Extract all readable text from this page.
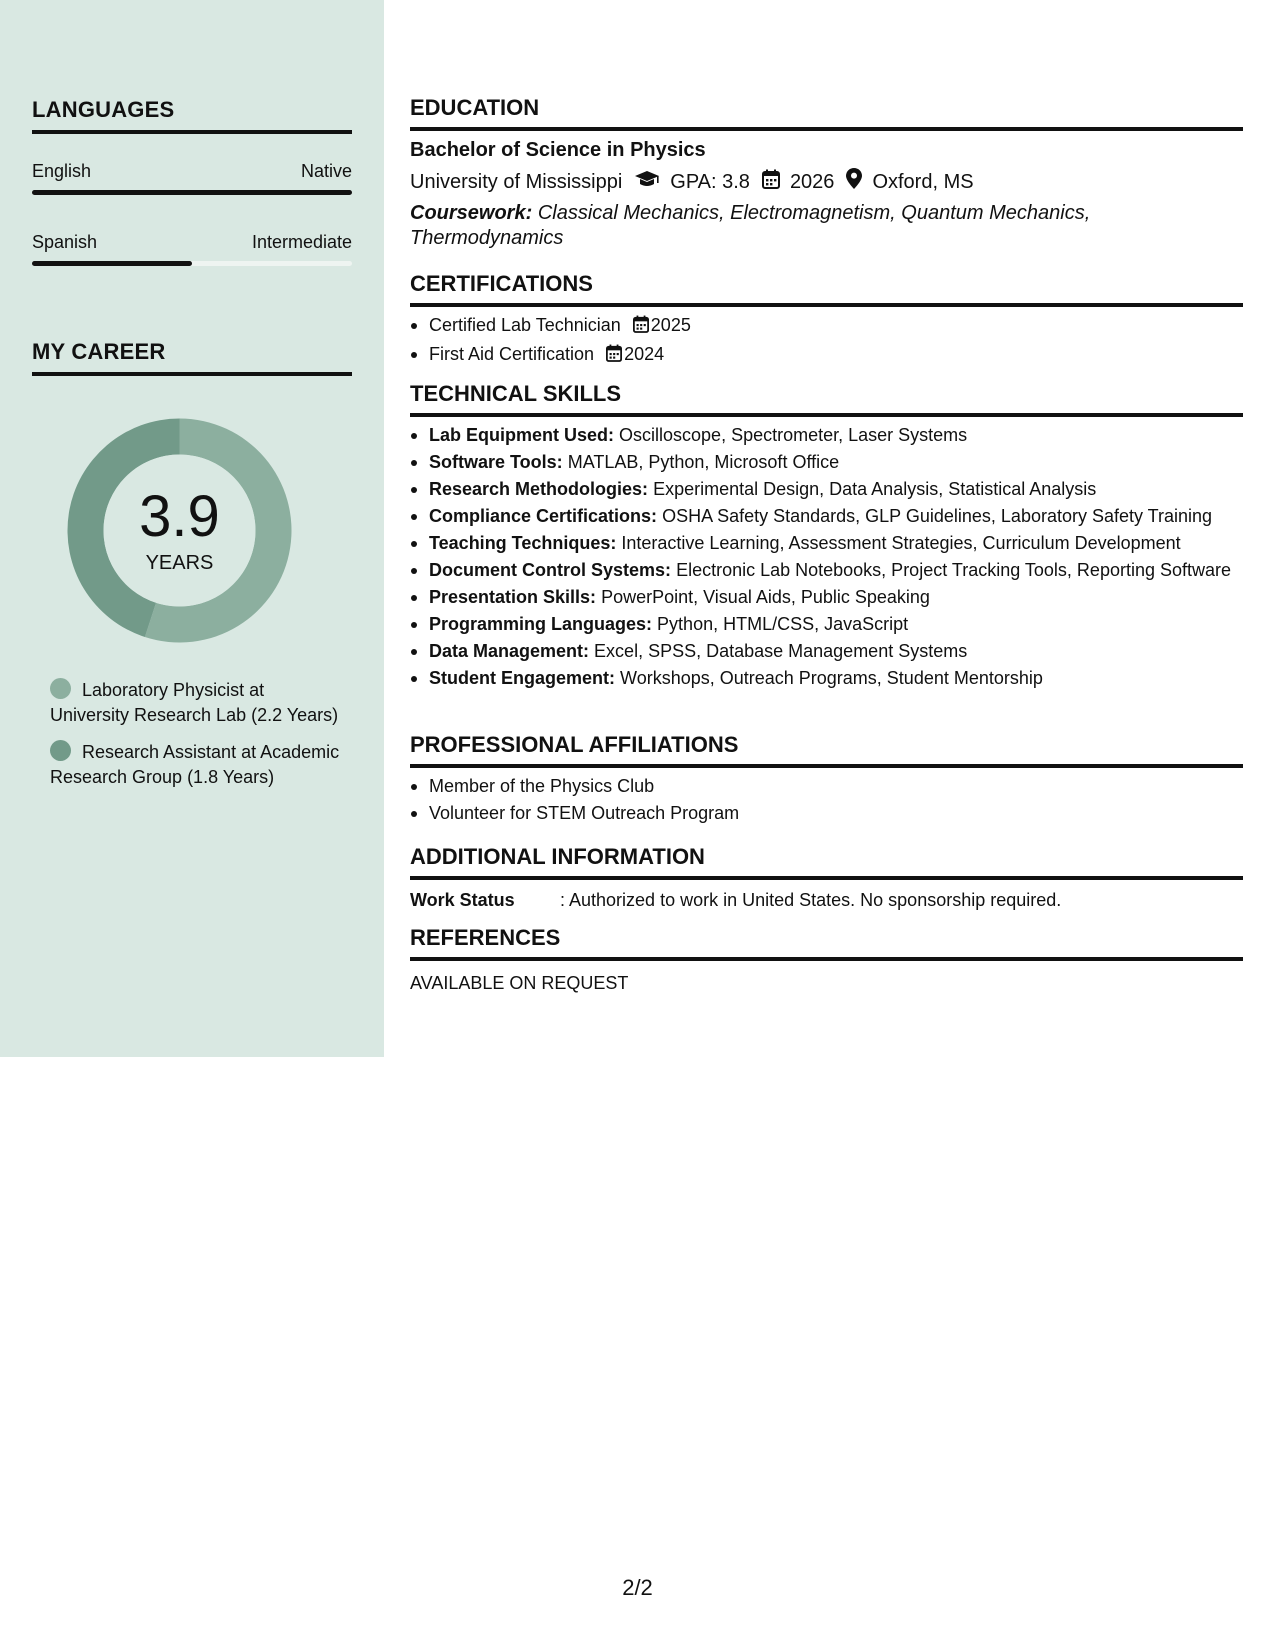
LANGUAGES
English	Native
Spanish	Intermediate
MY CAREER
3.9
YEARS
Laboratory Physicist at University Research Lab (2.2 Years)
Research Assistant at Academic Research Group (1.8 Years)
EDUCATION
Bachelor of Science in Physics
University of Mississippi GPA: 3.8 2026 Oxford, MS
Coursework: Classical Mechanics, Electromagnetism, Quantum Mechanics, Thermodynamics
CERTIFICATIONS
Certified Lab Technician 2025
First Aid Certification 2024
TECHNICAL SKILLS
Lab Equipment Used: Oscilloscope, Spectrometer, Laser Systems
Software Tools: MATLAB, Python, Microsoft Office
Research Methodologies: Experimental Design, Data Analysis, Statistical Analysis
Compliance Certifications: OSHA Safety Standards, GLP Guidelines, Laboratory Safety Training
Teaching Techniques: Interactive Learning, Assessment Strategies, Curriculum Development
Document Control Systems: Electronic Lab Notebooks, Project Tracking Tools, Reporting Software
Presentation Skills: PowerPoint, Visual Aids, Public Speaking
Programming Languages: Python, HTML/CSS, JavaScript
Data Management: Excel, SPSS, Database Management Systems
Student Engagement: Workshops, Outreach Programs, Student Mentorship
PROFESSIONAL AFFILIATIONS
Member of the Physics Club
Volunteer for STEM Outreach Program
ADDITIONAL INFORMATION
Work Status	: Authorized to work in United States. No sponsorship required.
REFERENCES
AVAILABLE ON REQUEST
2/2
